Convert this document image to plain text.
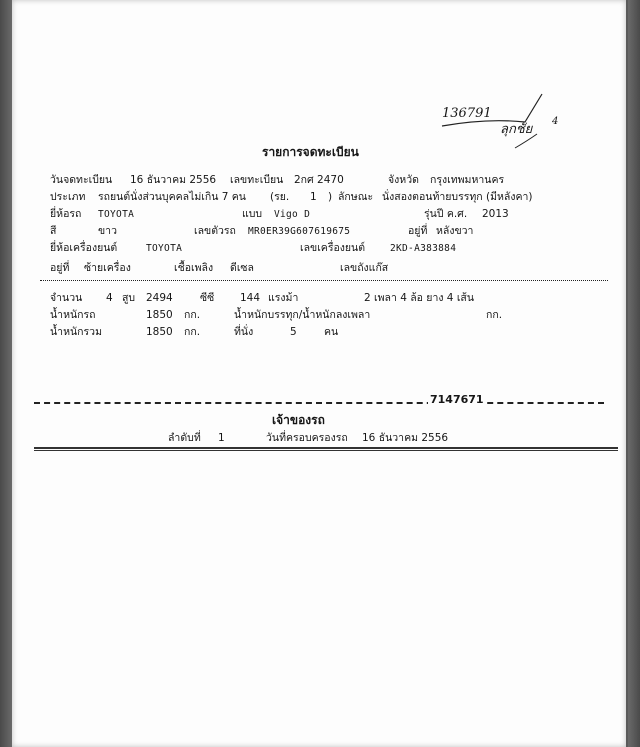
136791
ลุกชัย
4
รายการจดทะเบียน
วันจดทะเบียน 16 ธันวาคม 2556 เลขทะเบียน 2กศ 2470	จังหวัด กรุงเทพมหานคร
ประเภท รถยนต์นั่งส่วนบุคคลไม่เกิน 7 คน (รย. 1 ) ลักษณะ นั่งสองตอนท้ายบรรทุก (มีหลังคา)
ยี่ห้อรถ TOYOTA	แบบ Vigo D	รุ่นปี ค.ศ. 2013
สี	ขาว	เลขตัวรถ MR0ER39G607619675	อยู่ที่ หลังขวา
ยี่ห้อเครื่องยนต์	TOYOTA	เลขเครื่องยนต์	2KD-A383884
อยู่ที่ ซ้ายเครื่อง	เชื้อเพลิง ดีเซล	เลขถังแก๊ส
จำนวน 4 สูบ 2494	ซีซี 144 แรงม้า	2 เพลา 4 ล้อ ยาง 4 เส้น
น้ำหนักรถ	1850 กก.	น้ำหนักบรรทุก/น้ำหนักลงเพลา	กก.
น้ำหนักรวม	1850 กก.	ที่นั่ง	5	คน
7147671
เจ้าของรถ
ลำดับที่ 1	วันที่ครอบครองรถ 16 ธันวาคม 2556
